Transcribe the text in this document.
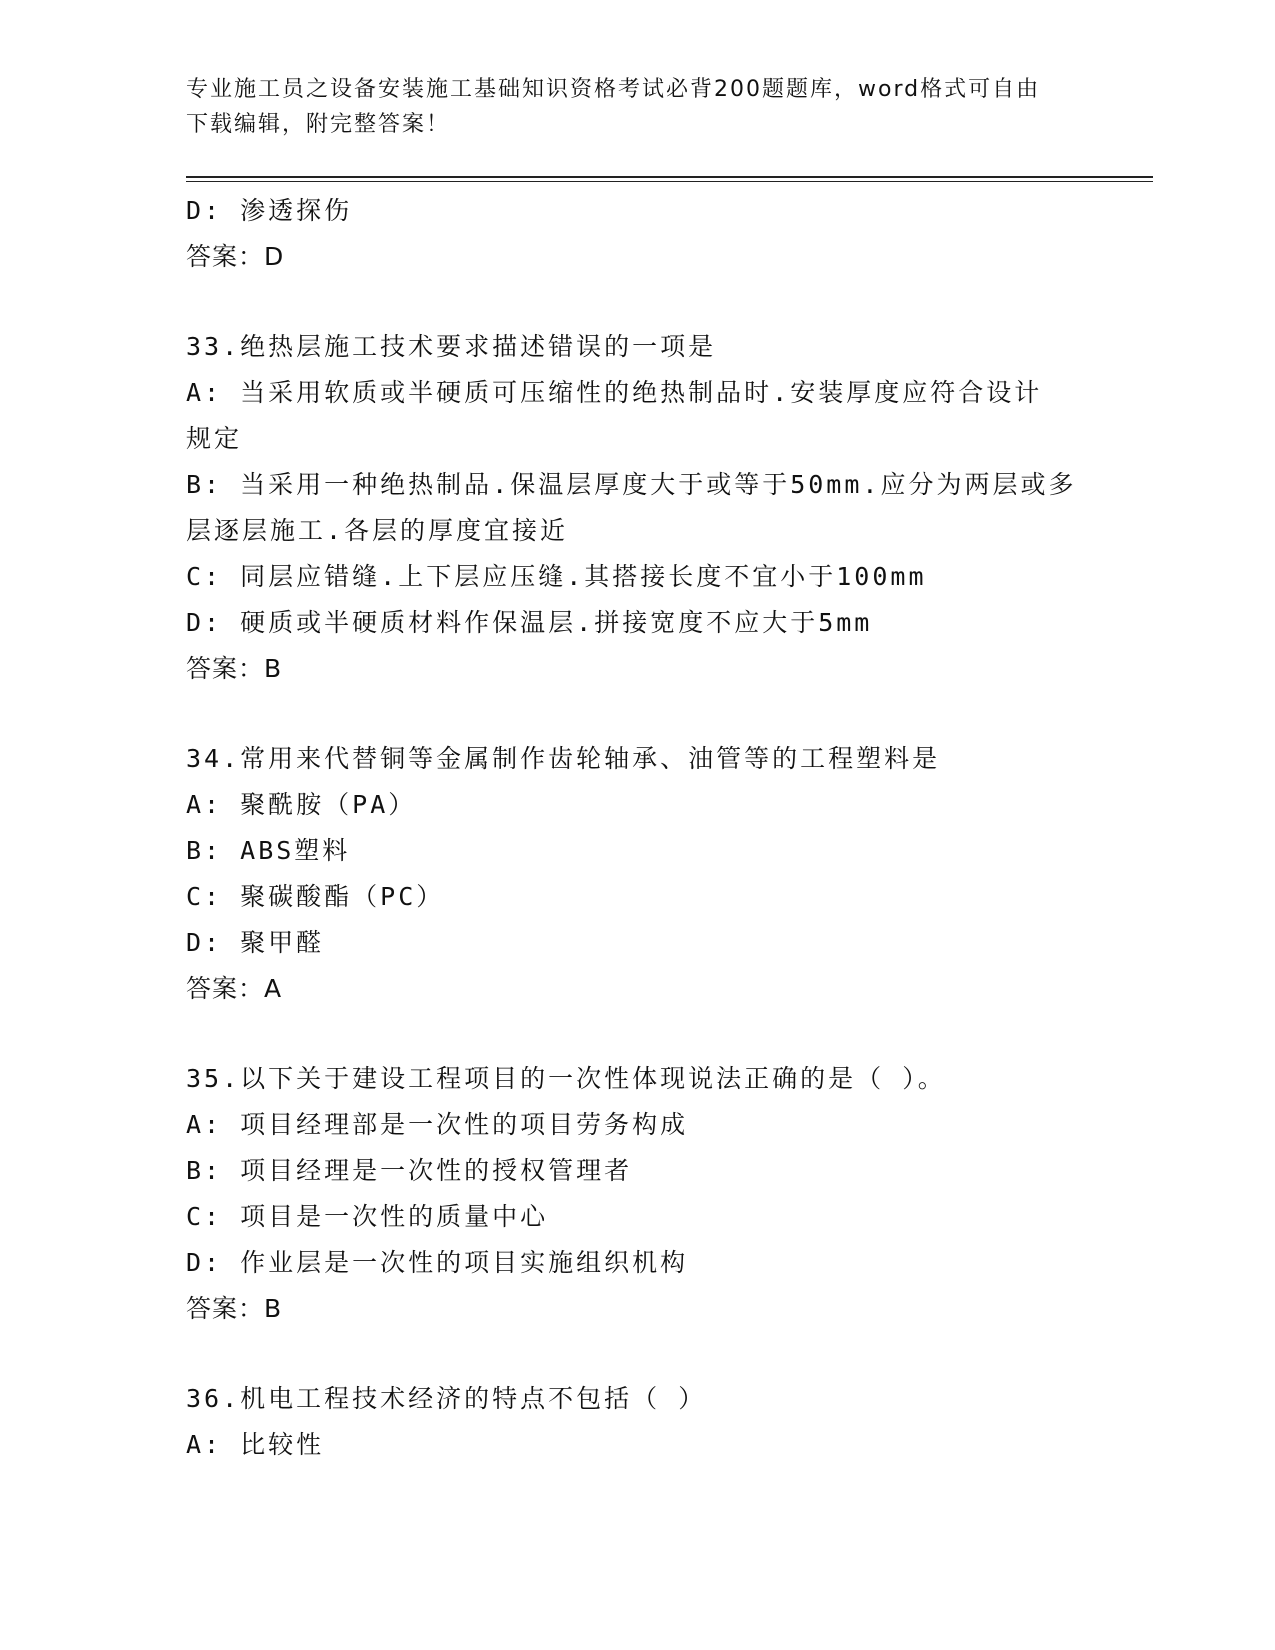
专业施工员之设备安装施工基础知识资格考试必背200题题库，word格式可自由
下载编辑，附完整答案！
D: 渗透探伤
答案：D
33.绝热层施工技术要求描述错误的一项是
A: 当采用软质或半硬质可压缩性的绝热制品时.安装厚度应符合设计
规定
B: 当采用一种绝热制品.保温层厚度大于或等于50mm.应分为两层或多
层逐层施工.各层的厚度宜接近
C: 同层应错缝.上下层应压缝.其搭接长度不宜小于100mm
D: 硬质或半硬质材料作保温层.拼接宽度不应大于5mm
答案：B
34.常用来代替铜等金属制作齿轮轴承、油管等的工程塑料是
A: 聚酰胺（PA）
B: ABS塑料
C: 聚碳酸酯（PC）
D: 聚甲醛
答案：A
35.以下关于建设工程项目的一次性体现说法正确的是（ ）。
A: 项目经理部是一次性的项目劳务构成
B: 项目经理是一次性的授权管理者
C: 项目是一次性的质量中心
D: 作业层是一次性的项目实施组织机构
答案：B
36.机电工程技术经济的特点不包括（ ）
A: 比较性
